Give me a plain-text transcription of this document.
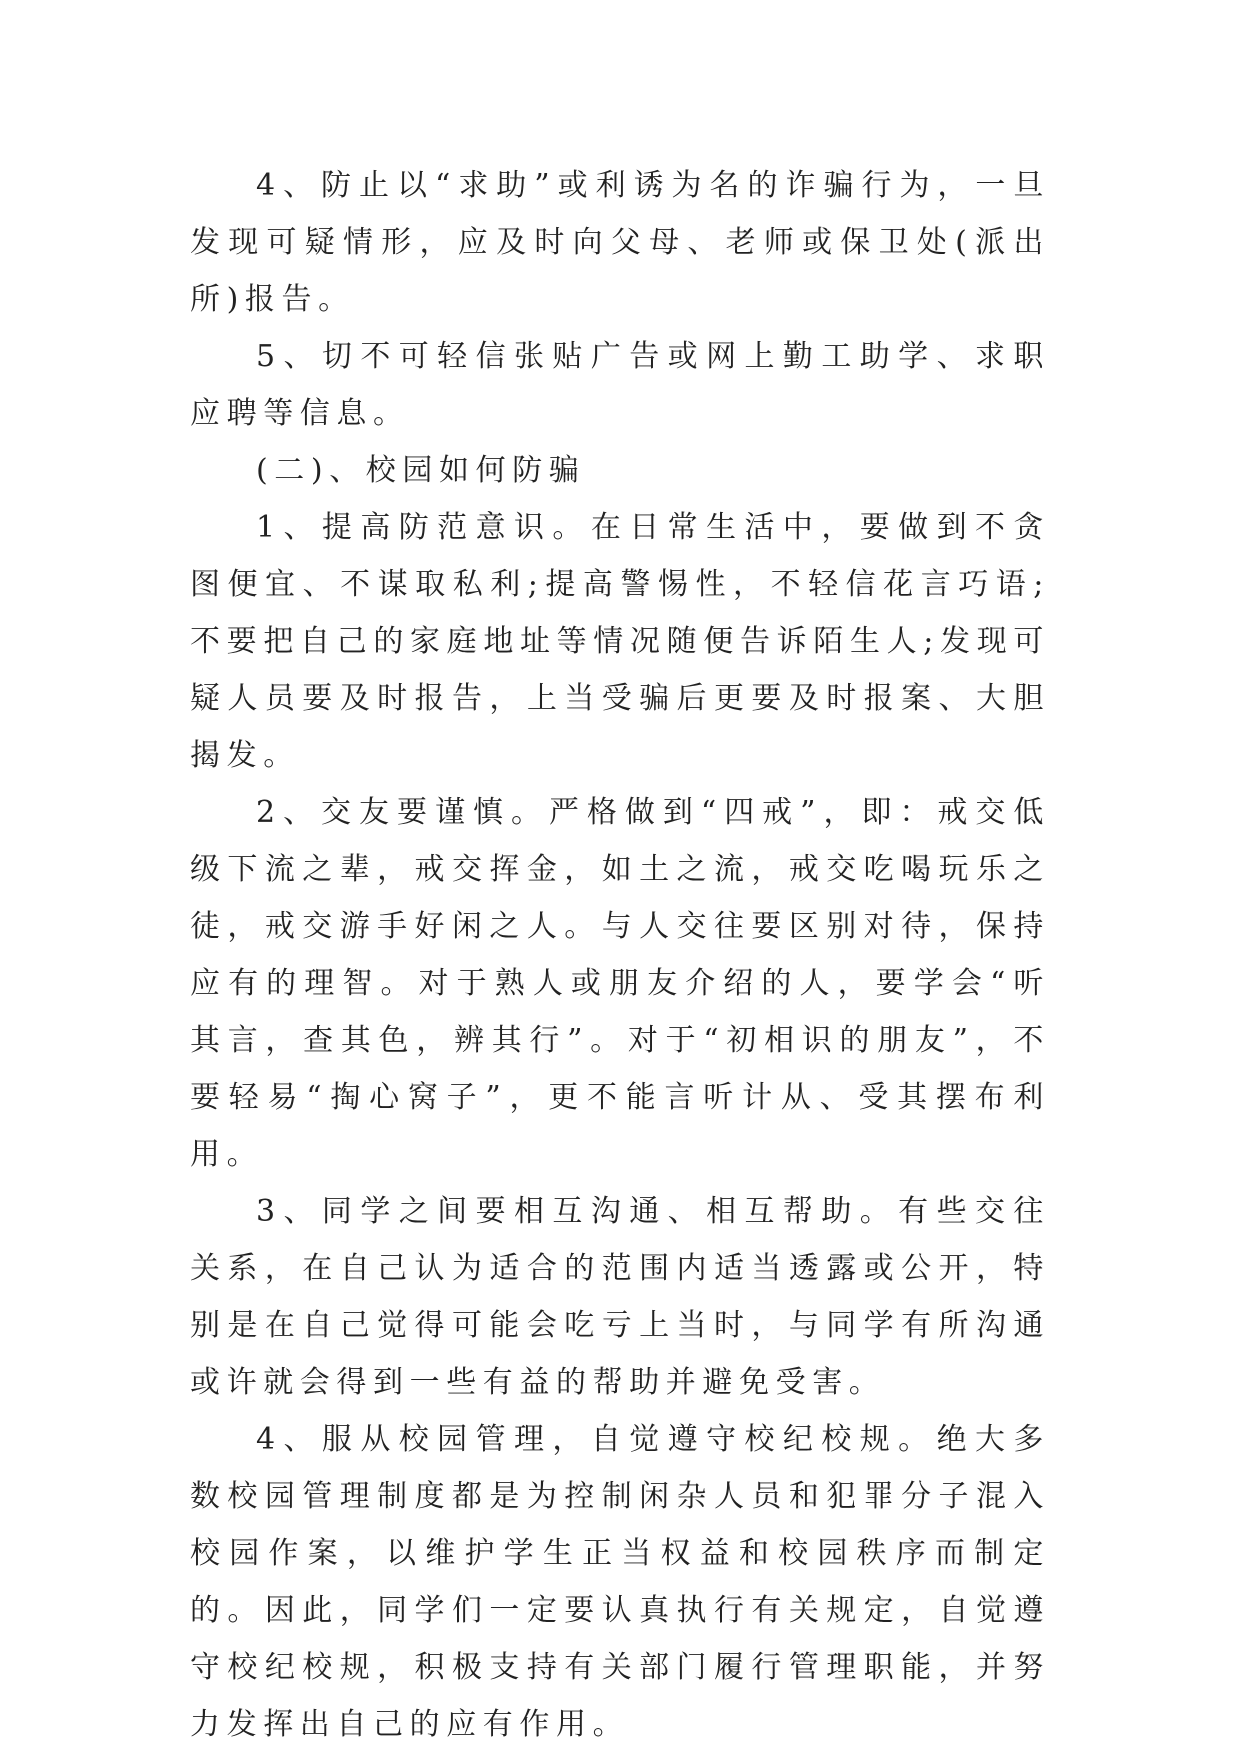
4、防止以“求助”或利诱为名的诈骗行为，一旦发现可疑情形，应及时向父母、老师或保卫处(派出所)报告。

5、切不可轻信张贴广告或网上勤工助学、求职应聘等信息。

(二)、校园如何防骗

1、提高防范意识。在日常生活中，要做到不贪图便宜、不谋取私利;提高警惕性，不轻信花言巧语;不要把自己的家庭地址等情况随便告诉陌生人;发现可疑人员要及时报告，上当受骗后更要及时报案、大胆揭发。

2、交友要谨慎。严格做到“四戒”，即：戒交低级下流之辈，戒交挥金，如土之流，戒交吃喝玩乐之徒，戒交游手好闲之人。与人交往要区别对待，保持应有的理智。对于熟人或朋友介绍的人，要学会“听其言，查其色，辨其行”。对于“初相识的朋友”，不要轻易“掏心窝子”，更不能言听计从、受其摆布利用。

3、同学之间要相互沟通、相互帮助。有些交往关系，在自己认为适合的范围内适当透露或公开，特别是在自己觉得可能会吃亏上当时，与同学有所沟通或许就会得到一些有益的帮助并避免受害。

4、服从校园管理，自觉遵守校纪校规。绝大多数校园管理制度都是为控制闲杂人员和犯罪分子混入校园作案，以维护学生正当权益和校园秩序而制定的。因此，同学们一定要认真执行有关规定，自觉遵守校纪校规，积极支持有关部门履行管理职能，并努力发挥出自己的应有作用。
